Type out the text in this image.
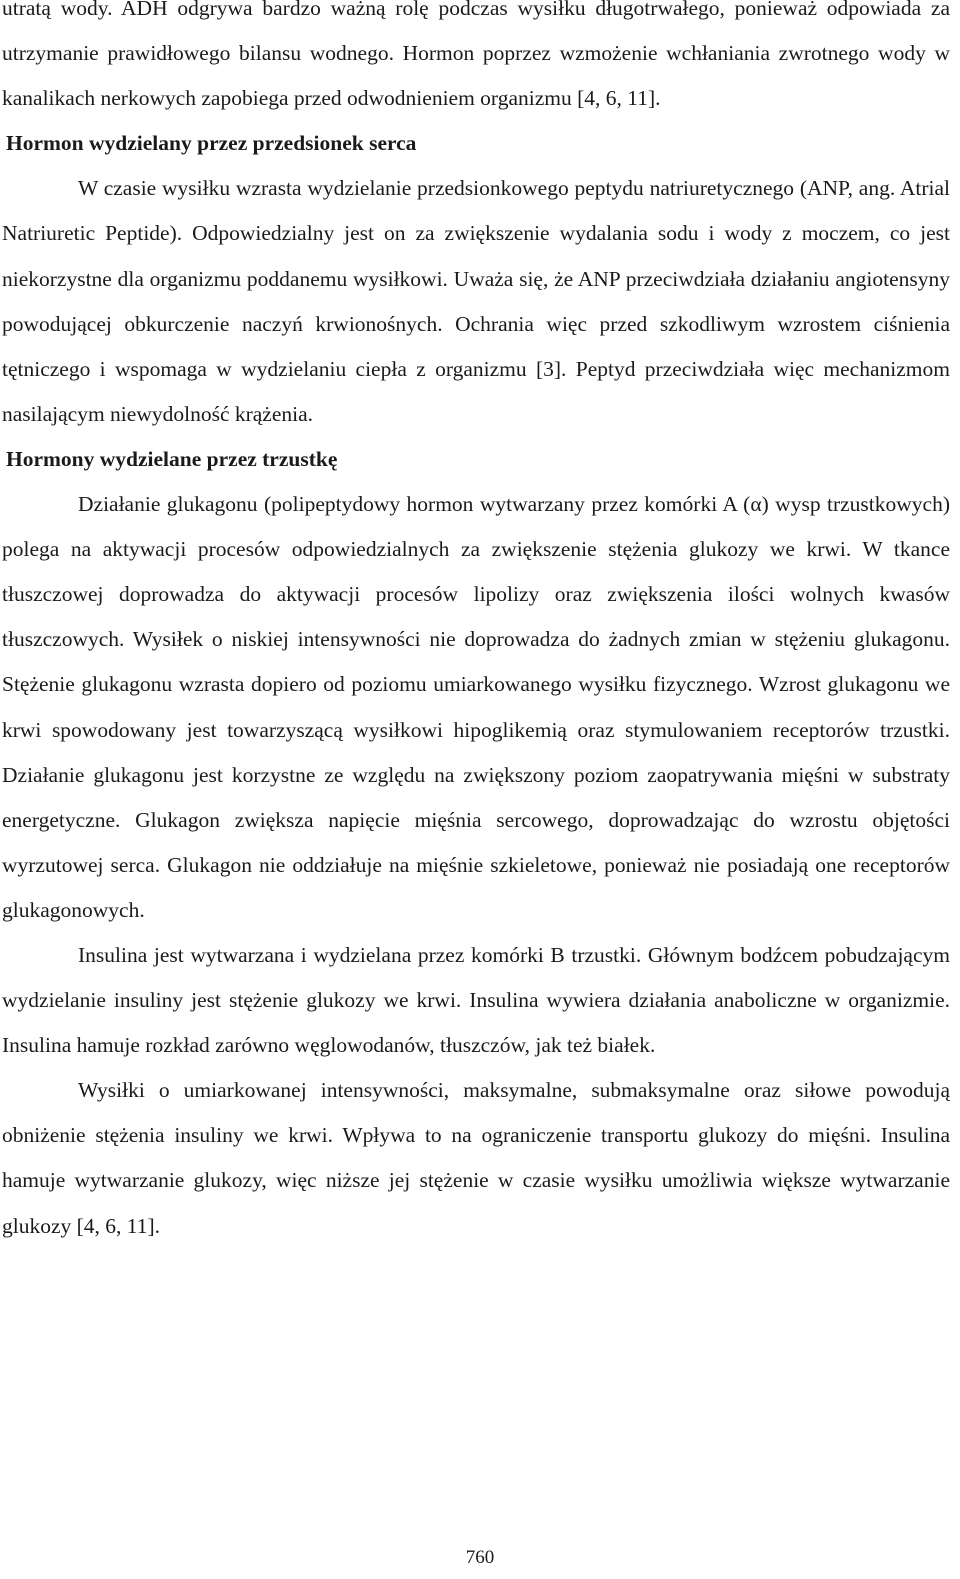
utratą wody. ADH odgrywa bardzo ważną rolę podczas wysiłku długotrwałego, ponieważ odpowiada za utrzymanie prawidłowego bilansu wodnego. Hormon poprzez wzmożenie wchłaniania zwrotnego wody w kanalikach nerkowych zapobiega przed odwodnieniem organizmu [4, 6, 11].

Hormon wydzielany przez przedsionek serca

W czasie wysiłku wzrasta wydzielanie przedsionkowego peptydu natriuretycznego (ANP, ang. Atrial Natriuretic Peptide). Odpowiedzialny jest on za zwiększenie wydalania sodu i wody z moczem, co jest niekorzystne dla organizmu poddanemu wysiłkowi. Uważa się, że ANP przeciwdziała działaniu angiotensyny powodującej obkurczenie naczyń krwionośnych. Ochrania więc przed szkodliwym wzrostem ciśnienia tętniczego i wspomaga w wydzielaniu ciepła z organizmu [3]. Peptyd przeciwdziała więc mechanizmom nasilającym niewydolność krążenia.

Hormony wydzielane przez trzustkę

Działanie glukagonu (polipeptydowy hormon wytwarzany przez komórki A (α) wysp trzustkowych) polega na aktywacji procesów odpowiedzialnych za zwiększenie stężenia glukozy we krwi. W tkance tłuszczowej doprowadza do aktywacji procesów lipolizy oraz zwiększenia ilości wolnych kwasów tłuszczowych. Wysiłek o niskiej intensywności nie doprowadza do żadnych zmian w stężeniu glukagonu. Stężenie glukagonu wzrasta dopiero od poziomu umiarkowanego wysiłku fizycznego. Wzrost glukagonu we krwi spowodowany jest towarzyszącą wysiłkowi hipoglikemią oraz stymulowaniem receptorów trzustki. Działanie glukagonu jest korzystne ze względu na zwiększony poziom zaopatrywania mięśni w substraty energetyczne. Glukagon zwiększa napięcie mięśnia sercowego, doprowadzając do wzrostu objętości wyrzutowej serca. Glukagon nie oddziałuje na mięśnie szkieletowe, ponieważ nie posiadają one receptorów glukagonowych.

Insulina jest wytwarzana i wydzielana przez komórki B trzustki. Głównym bodźcem pobudzającym wydzielanie insuliny jest stężenie glukozy we krwi. Insulina wywiera działania anaboliczne w organizmie. Insulina hamuje rozkład zarówno węglowodanów, tłuszczów, jak też białek.

Wysiłki o umiarkowanej intensywności, maksymalne, submaksymalne oraz siłowe powodują obniżenie stężenia insuliny we krwi. Wpływa to na ograniczenie transportu glukozy do mięśni. Insulina hamuje wytwarzanie glukozy, więc niższe jej stężenie w czasie wysiłku umożliwia większe wytwarzanie glukozy [4, 6, 11].

760
